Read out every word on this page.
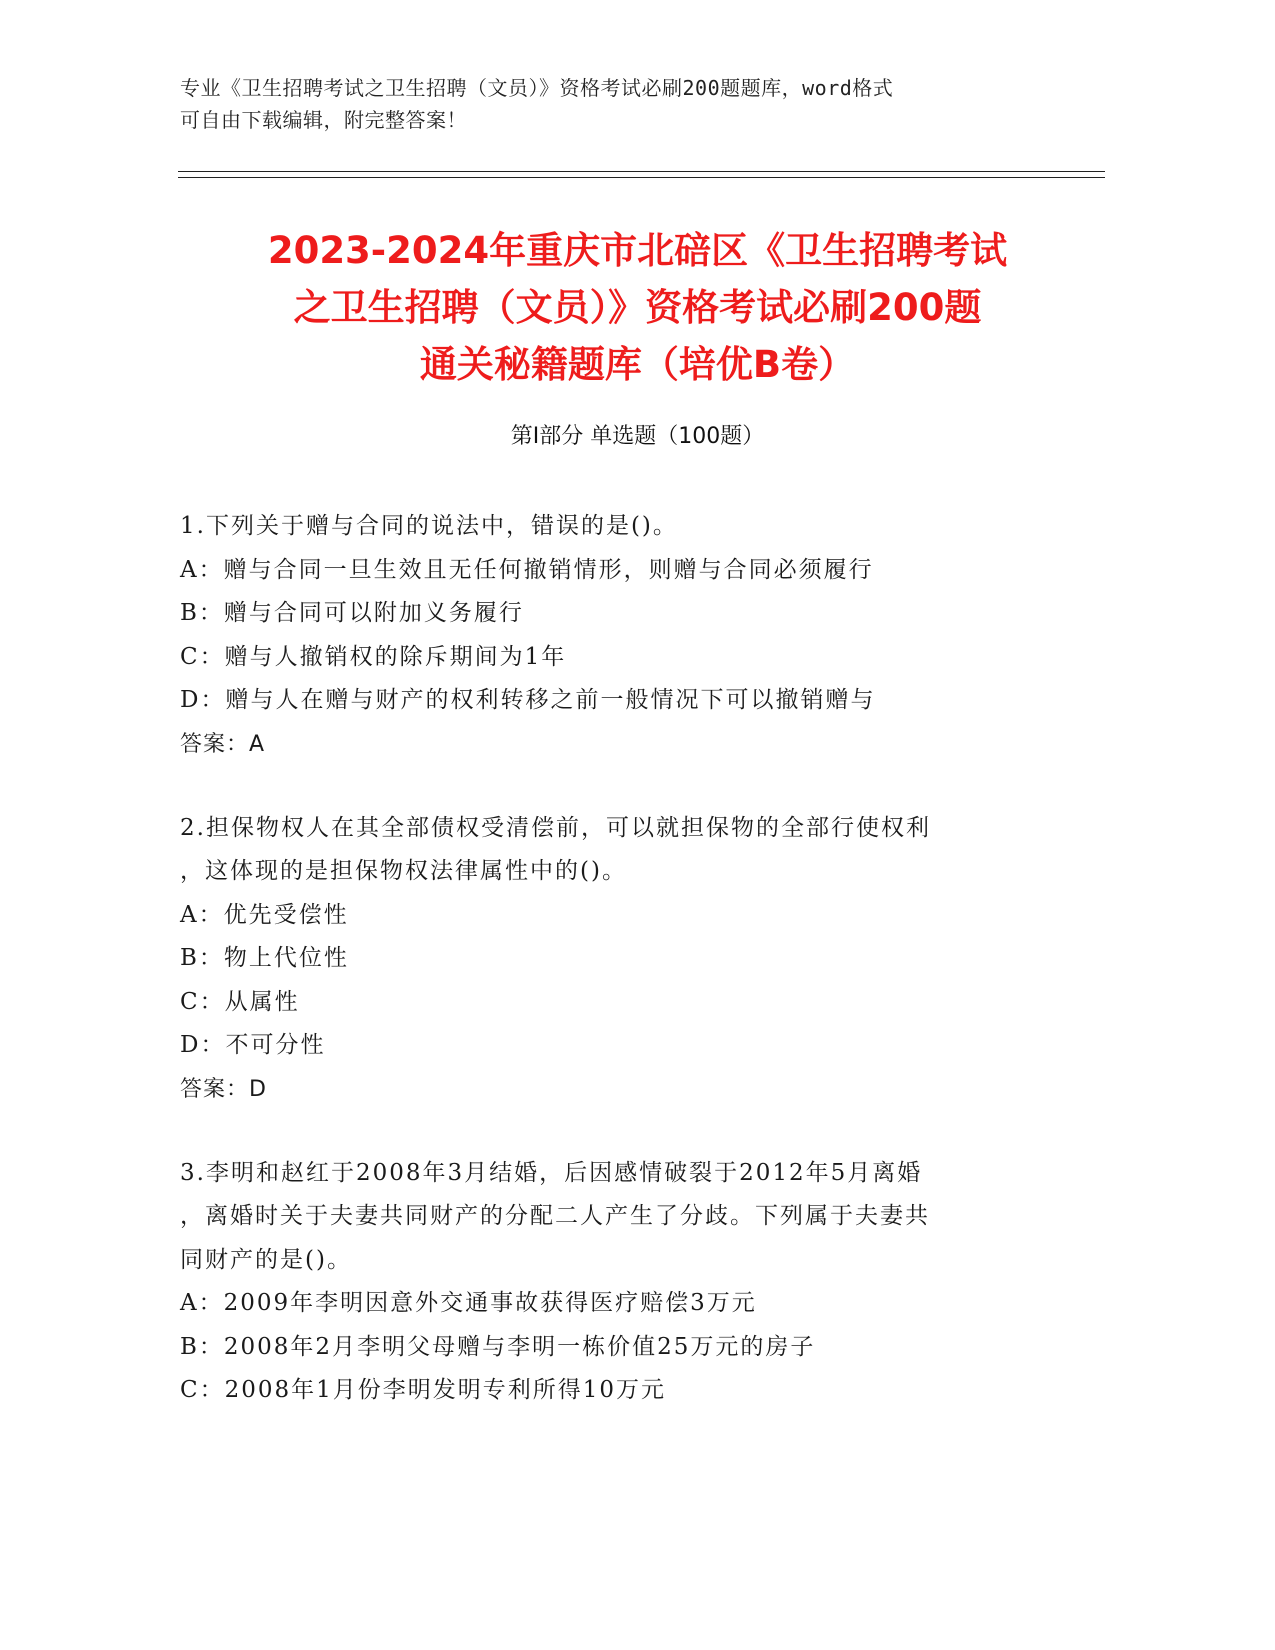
专业《卫生招聘考试之卫生招聘（文员）》资格考试必刷200题题库，word格式
可自由下载编辑，附完整答案！
2023-2024年重庆市北碚区《卫生招聘考试
之卫生招聘（文员）》资格考试必刷200题
通关秘籍题库（培优B卷）
第Ⅰ部分 单选题（100题）
1.下列关于赠与合同的说法中，错误的是()。
A：赠与合同一旦生效且无任何撤销情形，则赠与合同必须履行
B：赠与合同可以附加义务履行
C：赠与人撤销权的除斥期间为1年
D：赠与人在赠与财产的权利转移之前一般情况下可以撤销赠与
答案：A
2.担保物权人在其全部债权受清偿前，可以就担保物的全部行使权利
，这体现的是担保物权法律属性中的()。
A：优先受偿性
B：物上代位性
C：从属性
D：不可分性
答案：D
3.李明和赵红于2008年3月结婚，后因感情破裂于2012年5月离婚
，离婚时关于夫妻共同财产的分配二人产生了分歧。下列属于夫妻共
同财产的是()。
A：2009年李明因意外交通事故获得医疗赔偿3万元
B：2008年2月李明父母赠与李明一栋价值25万元的房子
C：2008年1月份李明发明专利所得10万元
